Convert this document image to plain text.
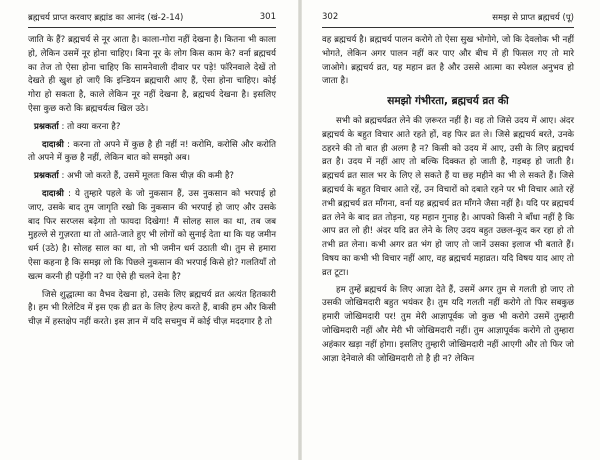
ब्रह्मचर्य प्राप्त करवाए ब्रह्मांड का आनंद (खं-2-14)	301

जाति के हैं? ब्रह्मचर्य से नूर आता है। काला-गोरा नहीं देखना है। कितना भी काला हो, लेकिन उसमें नूर होना चाहिए। बिना नूर के लोग किस काम के? वर्ना ब्रह्मचर्य का तेज तो ऐसा होना चाहिए कि सामनेवाली दीवार पर पड़े! फॉरेनवाले देखें तो देखते ही खुश हो जाएँ कि इन्डियन ब्रह्मचारी आए हैं, ऐसा होना चाहिए। कोई गोरा हो सकता है, काले लेकिन नूर नहीं देखना है, ब्रह्मचर्य देखना है। इसलिए ऐसा कुछ करो कि ब्रह्मचर्यत्व खिल उठे।

प्रश्नकर्ता : तो क्या करना है?
दादाश्री : करना तो अपने में कुछ है ही नहीं न! करोमि, करोसि और करोति तो अपने में कुछ है नहीं, लेकिन बात को समझो अब।
प्रश्नकर्ता : अभी जो करते हैं, उसमें मूलतः किस चीज़ की कमी है?
दादाश्री : ये तुम्हारे पहले के जो नुकसान हैं, उस नुकसान को भरपाई हो जाए, उसके बाद तुम जागृति रखो कि नुकसान की भरपाई हो जाए और उसके बाद फिर सरप्लस बढ़ेगा तो फायदा दिखेगा! मैं सोलह साल का था, तब जब मुहल्ले से गुज़रता था तो आते-जाते हुए भी लोगों को सुनाई देता था कि यह जमीन धर्म (उठे) है। सोलह साल का था, तो भी जमीन धर्म उठाती थी। तुम से हमारा ऐसा कहना है कि समझ लो कि पिछले नुकसान की भरपाई किसे हो? गलतियाँ तो खत्म करनी ही पड़ेंगी न? या ऐसे ही चलने देना है?

जिसे शुद्धात्मा का वैभव देखना हो, उसके लिए ब्रह्मचर्य व्रत अत्यंत हितकारी है। हम भी रिलेटिव में इस एक ही व्रत के लिए हेल्प करते हैं, बाकी हम और किसी चीज़ में हस्तक्षेप नहीं करते। इस ज्ञान में यदि सचमुच में कोई चीज़ मददगार है तो

302	समझ से प्राप्त ब्रह्मचर्य (पू)

वह ब्रह्मचर्य है। ब्रह्मचर्य पालन करोगे तो ऐसा सुख भोगोगे, जो कि देवलोक भी नहीं भोगते, लेकिन अगर पालन नहीं कर पाए और बीच में ही फिसल गए तो मारे जाओगे। ब्रह्मचर्य व्रत, यह महान व्रत है और उससे आत्मा का स्पेशल अनुभव हो जाता है।

समझो गंभीरता, ब्रह्मचर्य व्रत की

सभी को ब्रह्मचर्यव्रत लेने की ज़रूरत नहीं है। वह तो जिसे उदय में आए। अंदर ब्रह्मचर्य के बहुत विचार आते रहते हों, वह फिर व्रत ले। जिसे ब्रह्मचर्य बरते, उनके ठहरने की तो बात ही अलग है न? किसी को उदय में आए, उसी के लिए ब्रह्मचर्य व्रत है। उदय में नहीं आए तो बल्कि दिक्कत हो जाती है, गड़बड़ हो जाती है। ब्रह्मचर्य व्रत साल भर के लिए ले सकते हैं या छह महीने का भी ले सकते हैं। जिसे ब्रह्मचर्य के बहुत विचार आते रहें, उन विचारों को दबाते रहने पर भी विचार आते रहें तभी ब्रह्मचर्य व्रत माँगना, वर्ना यह ब्रह्मचर्य व्रत माँगने जैसा नहीं है। यदि पर ब्रह्मचर्य व्रत लेने के बाद व्रत तोड़ना, यह महान गुनाह है। आपको किसी ने बाँधा नहीं है कि आप व्रत लो ही! अंदर यदि व्रत लेने के लिए उदय बहुत उछल-कूद कर रहा हो तो तभी व्रत लेना। कभी अगर व्रत भंग हो जाए तो जानें उसका इलाज भी बताते हैं। विषय का कभी भी विचार नहीं आए, वह ब्रह्मचर्य महाव्रत। यदि विषय याद आए तो व्रत टूटा।

हम तुम्हें ब्रह्मचर्य के लिए आज्ञा देते हैं, उसमें अगर तुम से गलती हो जाए तो उसकी जोखिमदारी बहुत भयंकर है। तुम यदि गलती नहीं करोगे तो फिर सबकुछ हमारी जोखिमदारी पर! तुम मेरी आज्ञापूर्वक जो कुछ भी करोगे उसमें तुम्हारी जोखिमदारी नहीं और मेरी भी जोखिमदारी नहीं। तुम आज्ञापूर्वक करोगे तो तुम्हारा अहंकार खड़ा नहीं होगा। इसलिए तुम्हारी जोखिमदारी नहीं आएगी और तो फिर जो आज्ञा देनेवाले की जोखिमदारी तो है ही न? लेकिन
